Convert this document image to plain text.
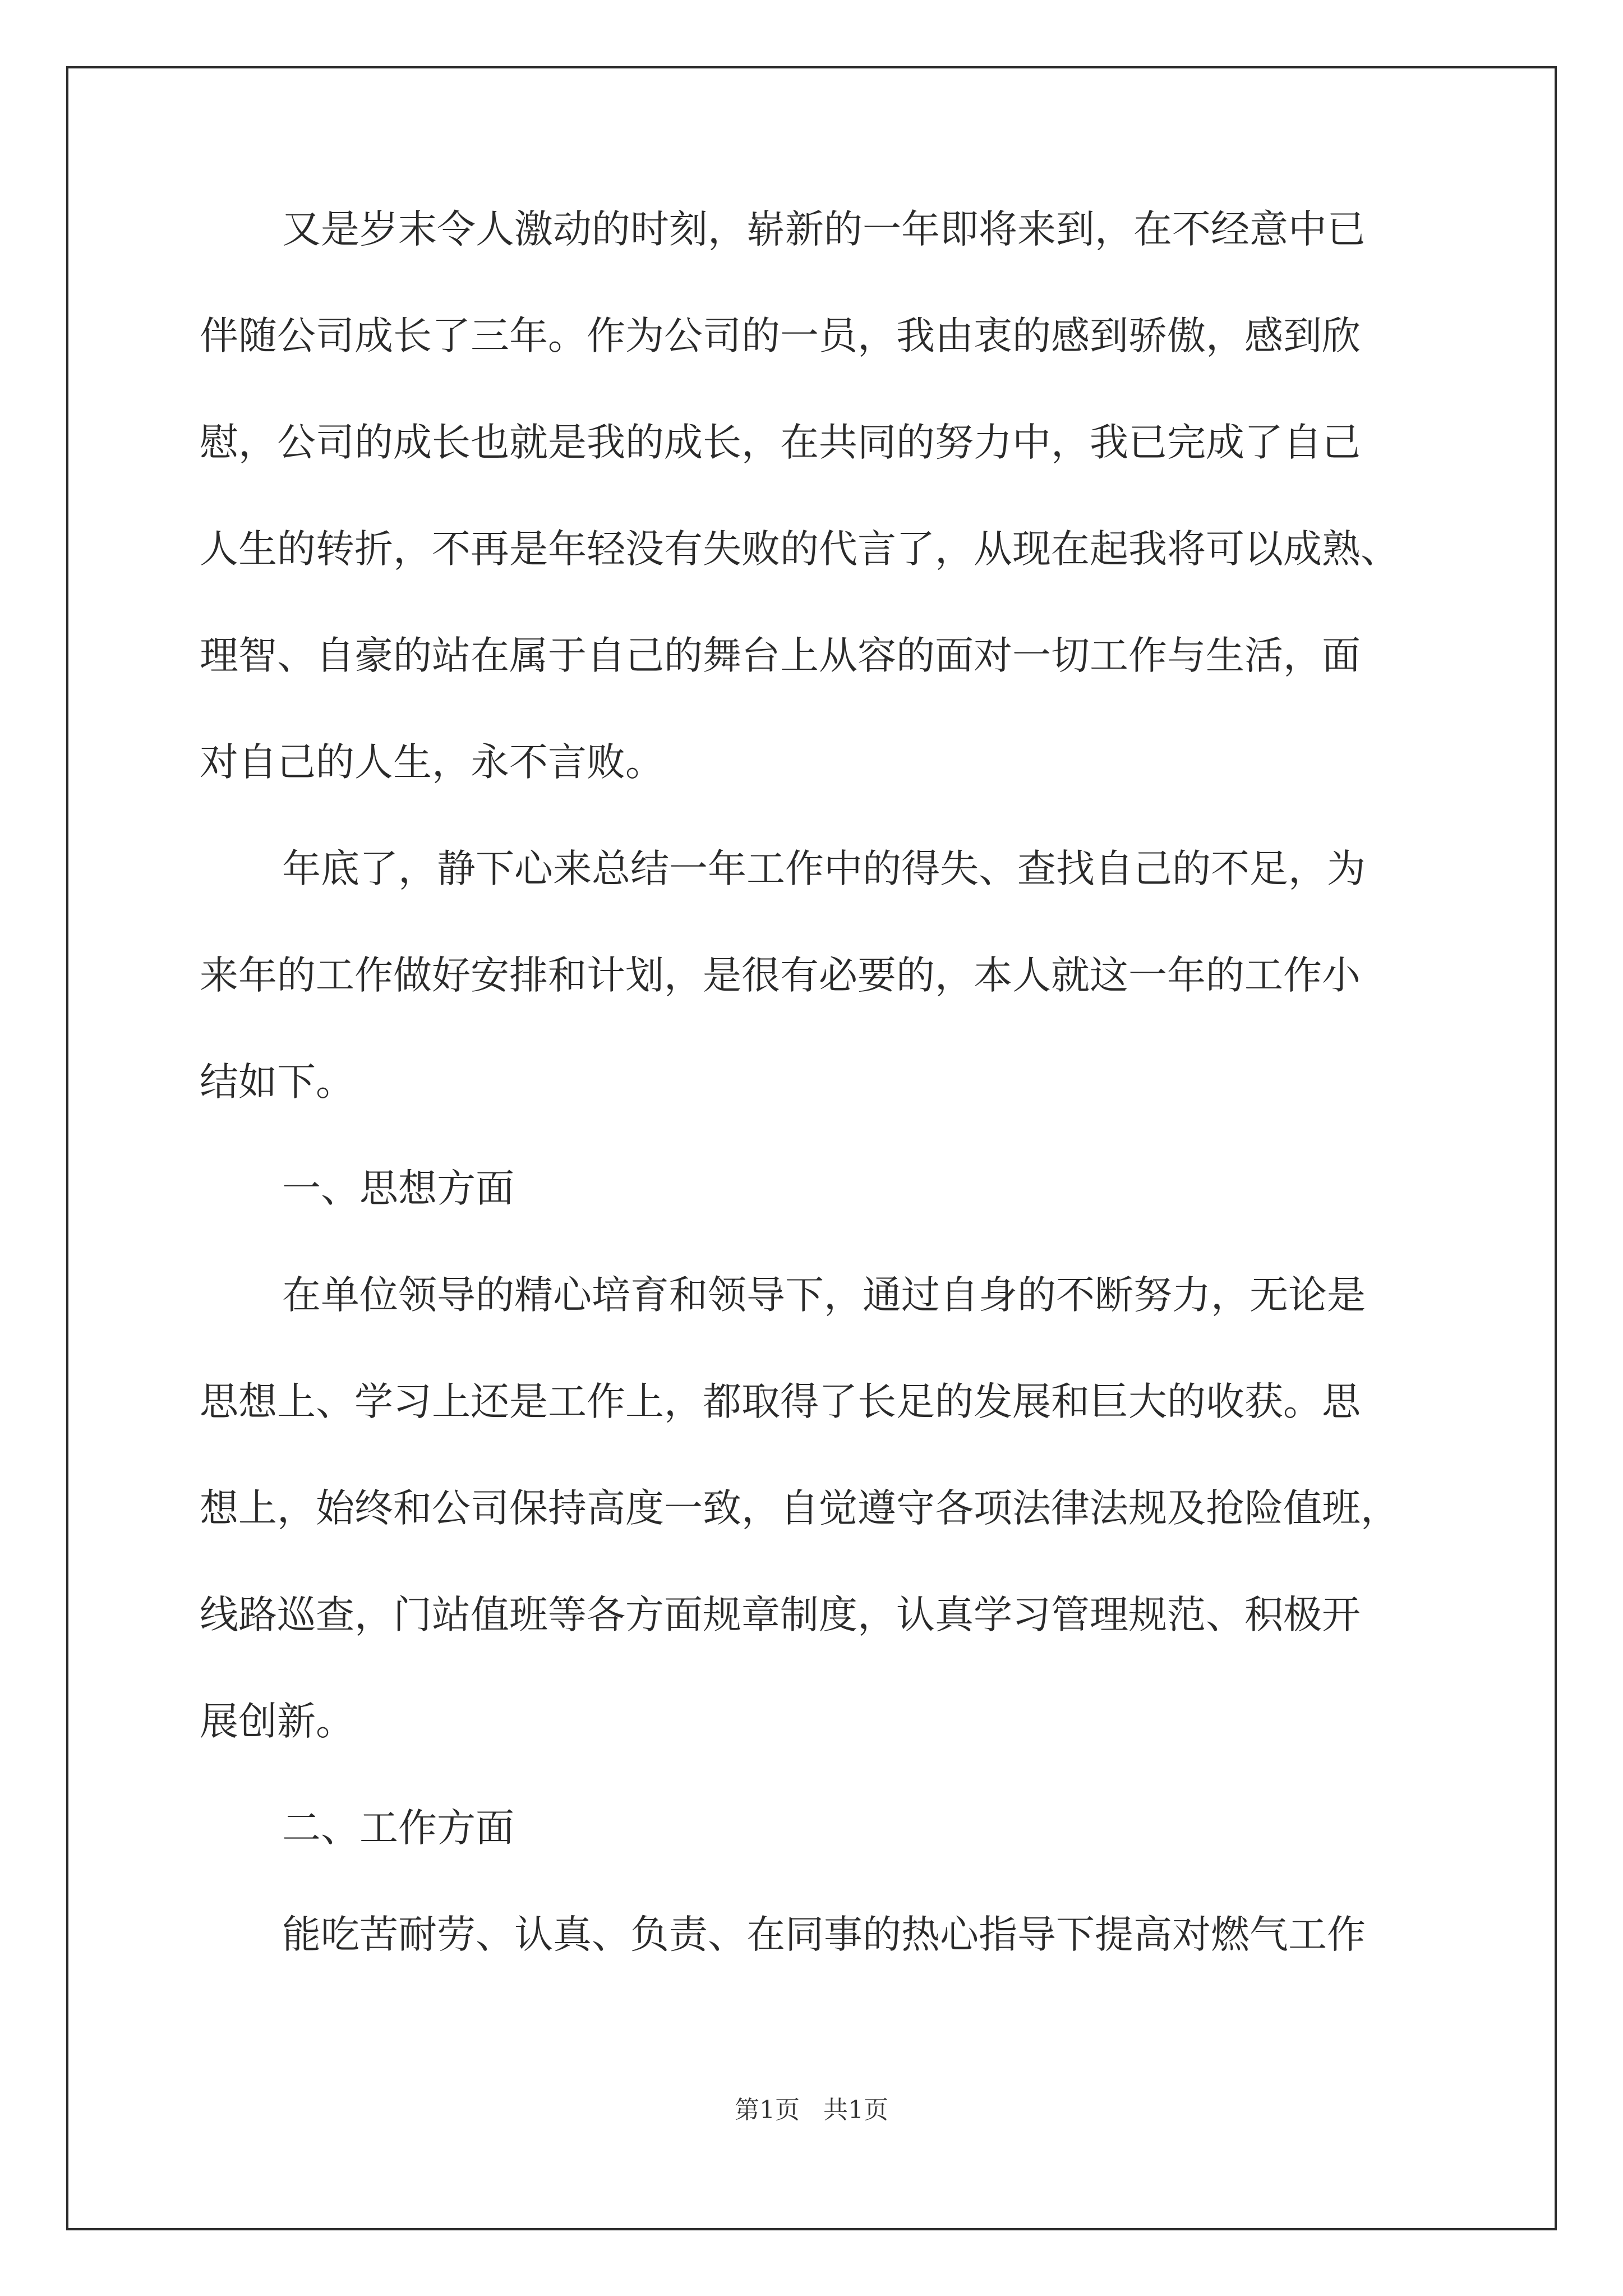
又是岁末令人激动的时刻，崭新的一年即将来到，在不经意中已
伴随公司成长了三年。作为公司的一员，我由衷的感到骄傲，感到欣
慰，公司的成长也就是我的成长，在共同的努力中，我已完成了自己
人生的转折，不再是年轻没有失败的代言了，从现在起我将可以成熟、
理智、自豪的站在属于自己的舞台上从容的面对一切工作与生活，面
对自己的人生，永不言败。
年底了，静下心来总结一年工作中的得失、查找自己的不足，为
来年的工作做好安排和计划，是很有必要的，本人就这一年的工作小
结如下。
一、思想方面
在单位领导的精心培育和领导下，通过自身的不断努力，无论是
思想上、学习上还是工作上，都取得了长足的发展和巨大的收获。思
想上，始终和公司保持高度一致，自觉遵守各项法律法规及抢险值班，
线路巡查，门站值班等各方面规章制度，认真学习管理规范、积极开
展创新。
二、工作方面
能吃苦耐劳、认真、负责、在同事的热心指导下提高对燃气工作
第1页   共1页
